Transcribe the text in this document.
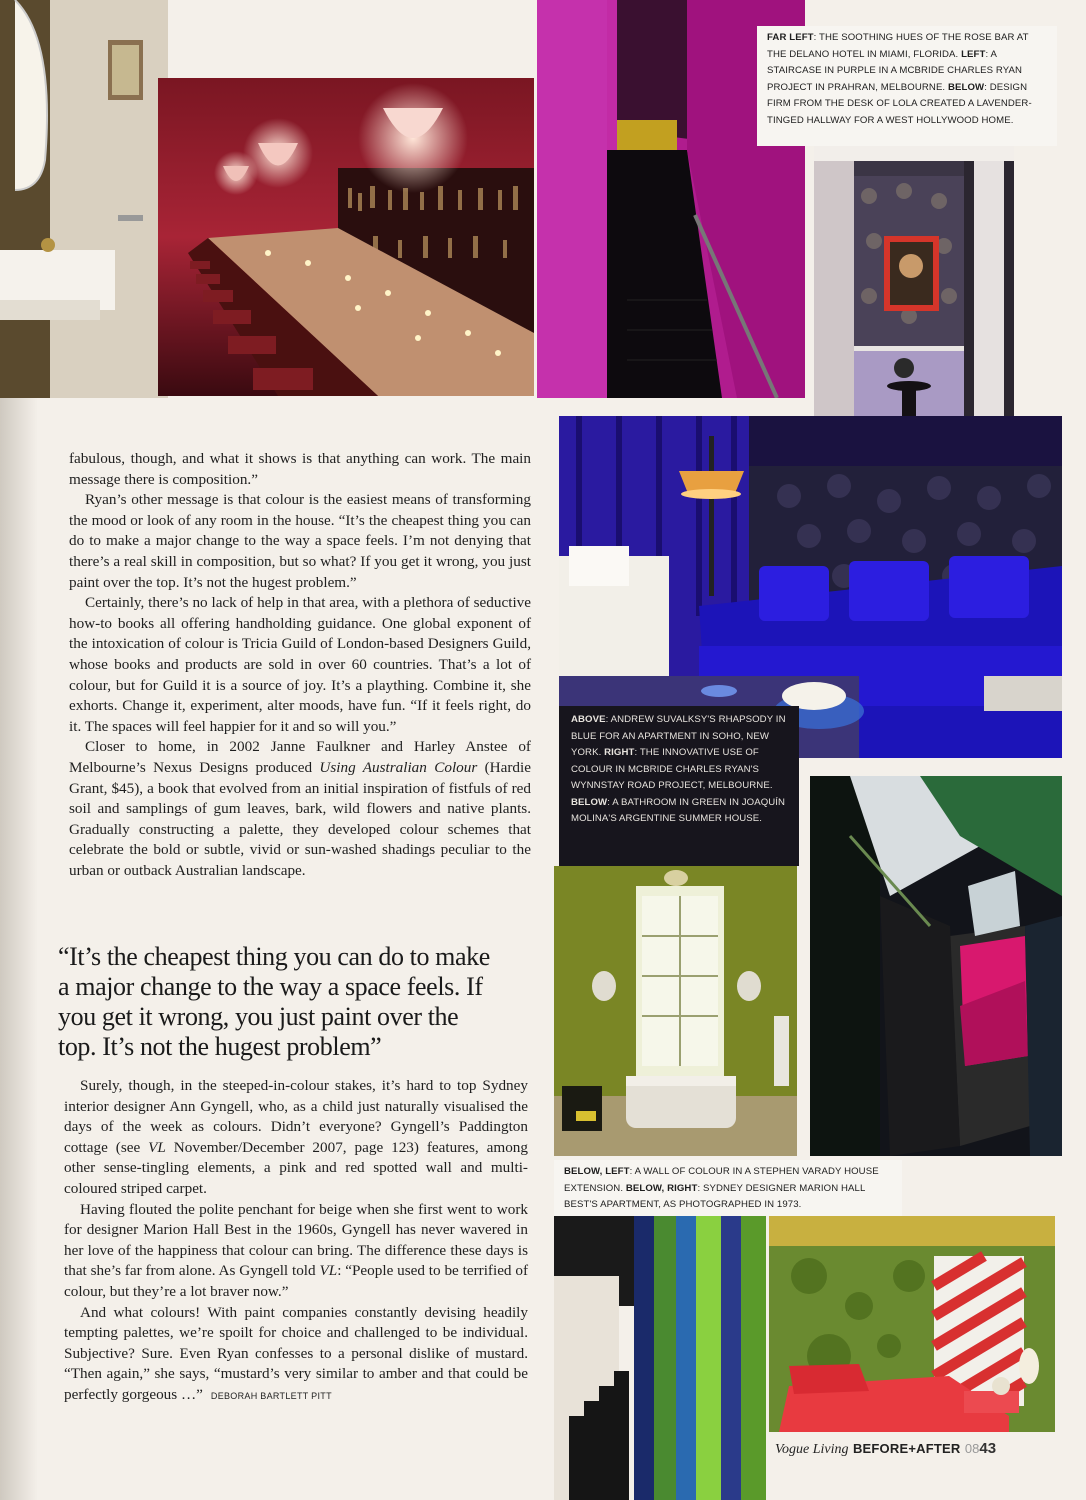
FAR LEFT: THE SOOTHING HUES OF THE ROSE BAR AT THE DELANO HOTEL IN MIAMI, FLORIDA. LEFT: A STAIRCASE IN PURPLE IN A MCBRIDE CHARLES RYAN PROJECT IN PRAHRAN, MELBOURNE. BELOW: DESIGN FIRM FROM THE DESK OF LOLA CREATED A LAVENDER-TINGED HALLWAY FOR A WEST HOLLYWOOD HOME.
ABOVE: ANDREW SUVALKSY'S RHAPSODY IN BLUE FOR AN APARTMENT IN SOHO, NEW YORK. RIGHT: THE INNOVATIVE USE OF COLOUR IN MCBRIDE CHARLES RYAN'S WYNNSTAY ROAD PROJECT, MELBOURNE. BELOW: A BATHROOM IN GREEN IN JOAQUÍN MOLINA'S ARGENTINE SUMMER HOUSE.
BELOW, LEFT: A WALL OF COLOUR IN A STEPHEN VARADY HOUSE EXTENSION. BELOW, RIGHT: SYDNEY DESIGNER MARION HALL BEST'S APARTMENT, AS PHOTOGRAPHED IN 1973.

fabulous, though, and what it shows is that anything can work. The main message there is composition.”

Ryan’s other message is that colour is the easiest means of transforming the mood or look of any room in the house. “It’s the cheapest thing you can do to make a major change to the way a space feels. I’m not denying that there’s a real skill in composition, but so what? If you get it wrong, you just paint over the top. It’s not the hugest problem.”

Certainly, there’s no lack of help in that area, with a plethora of seductive how-to books all offering handholding guidance. One global exponent of the intoxication of colour is Tricia Guild of London-based Designers Guild, whose books and products are sold in over 60 countries. That’s a lot of colour, but for Guild it is a source of joy. It’s a plaything. Combine it, she exhorts. Change it, experiment, alter moods, have fun. “If it feels right, do it. The spaces will feel happier for it and so will you.”

Closer to home, in 2002 Janne Faulkner and Harley Anstee of Melbourne’s Nexus Designs produced Using Australian Colour (Hardie Grant, $45), a book that evolved from an initial inspiration of fistfuls of red soil and samplings of gum leaves, bark, wild flowers and native plants. Gradually constructing a palette, they developed colour schemes that celebrate the bold or subtle, vivid or sun-washed shadings peculiar to the urban or outback Australian landscape.

“It’s the cheapest thing you can do to make a major change to the way a space feels. If you get it wrong, you just paint over the top. It’s not the hugest problem”

Surely, though, in the steeped-in-colour stakes, it’s hard to top Sydney interior designer Ann Gyngell, who, as a child just naturally visualised the days of the week as colours. Didn’t everyone? Gyngell’s Paddington cottage (see VL November/December 2007, page 123) features, among other sense-tingling elements, a pink and red spotted wall and multi-coloured striped carpet.

Having flouted the polite penchant for beige when she first went to work for designer Marion Hall Best in the 1960s, Gyngell has never wavered in her love of the happiness that colour can bring. The difference these days is that she’s far from alone. As Gyngell told VL: “People used to be terrified of colour, but they’re a lot braver now.”

And what colours! With paint companies constantly devising headily tempting palettes, we’re spoilt for choice and challenged to be individual. Subjective? Sure. Even Ryan confesses to a personal dislike of mustard. “Then again,” she says, “mustard’s very similar to amber and that could be perfectly gorgeous …” DEBORAH BARTLETT PITT

Vogue Living BEFORE+AFTER 0843
